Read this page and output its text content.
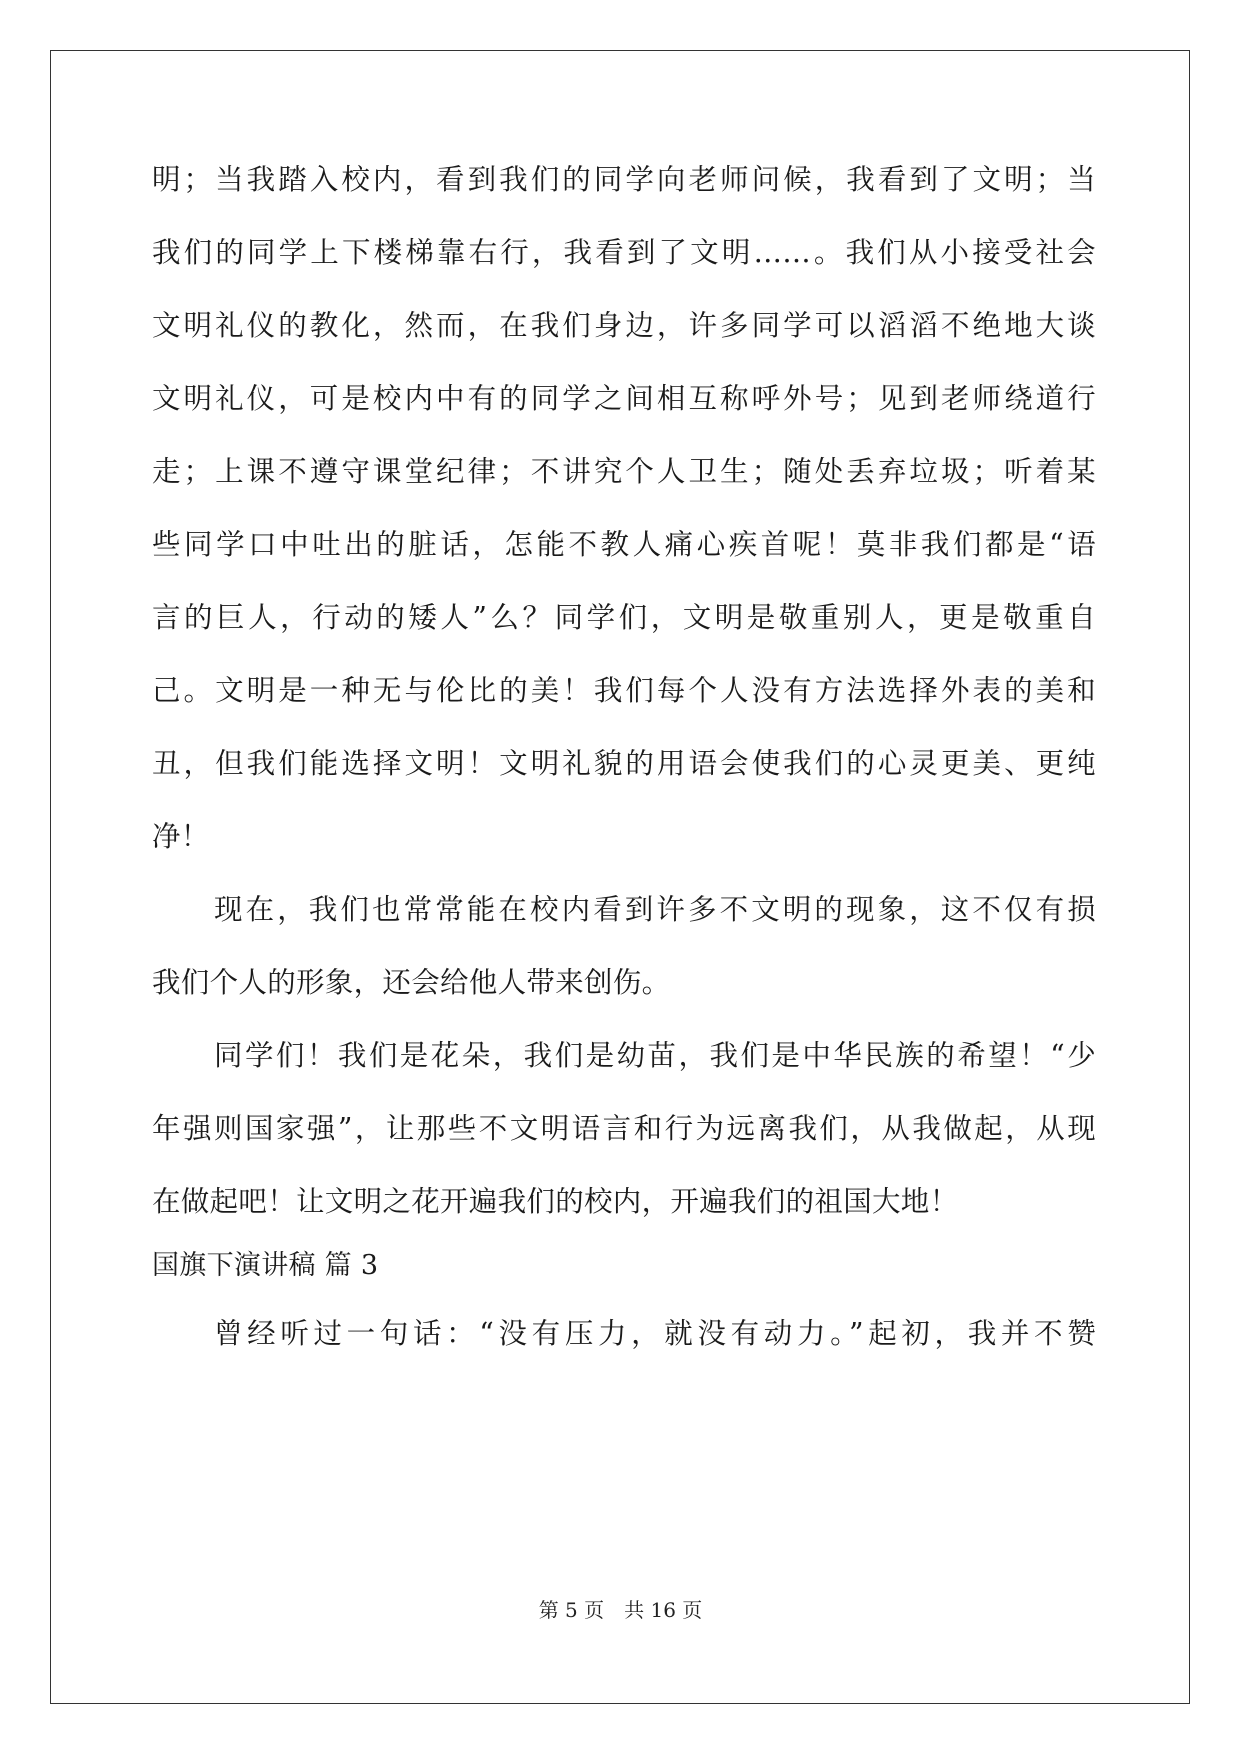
明；当我踏入校内，看到我们的同学向老师问候，我看到了文明；当
我们的同学上下楼梯靠右行，我看到了文明……。我们从小接受社会
文明礼仪的教化，然而，在我们身边，许多同学可以滔滔不绝地大谈
文明礼仪，可是校内中有的同学之间相互称呼外号；见到老师绕道行
走；上课不遵守课堂纪律；不讲究个人卫生；随处丢弃垃圾；听着某
些同学口中吐出的脏话，怎能不教人痛心疾首呢！莫非我们都是“语
言的巨人，行动的矮人”么？同学们，文明是敬重别人，更是敬重自
己。文明是一种无与伦比的美！我们每个人没有方法选择外表的美和
丑，但我们能选择文明！文明礼貌的用语会使我们的心灵更美、更纯
净！
现在，我们也常常能在校内看到许多不文明的现象，这不仅有损
我们个人的形象，还会给他人带来创伤。
同学们！我们是花朵，我们是幼苗，我们是中华民族的希望！“少
年强则国家强”，让那些不文明语言和行为远离我们，从我做起，从现
在做起吧！让文明之花开遍我们的校内，开遍我们的祖国大地！
国旗下演讲稿 篇 3
曾经听过一句话：“没有压力，就没有动力。”起初，我并不赞
第 5 页　共 16 页
